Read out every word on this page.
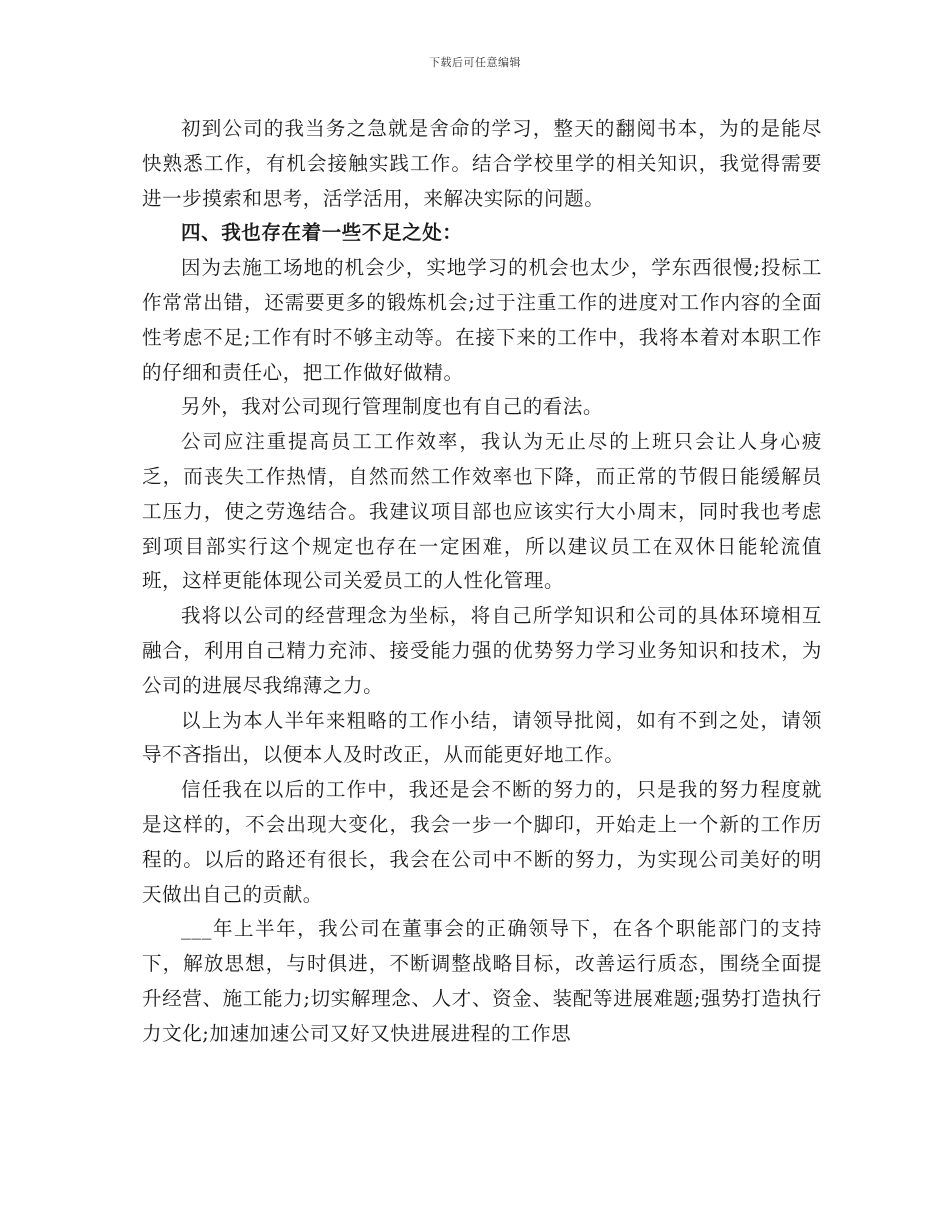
下载后可任意编辑

初到公司的我当务之急就是舍命的学习，整天的翻阅书本，为的是能尽快熟悉工作，有机会接触实践工作。结合学校里学的相关知识，我觉得需要进一步摸索和思考，活学活用，来解决实际的问题。

四、我也存在着一些不足之处：

因为去施工场地的机会少，实地学习的机会也太少，学东西很慢;投标工作常常出错，还需要更多的锻炼机会;过于注重工作的进度对工作内容的全面性考虑不足;工作有时不够主动等。在接下来的工作中，我将本着对本职工作的仔细和责任心，把工作做好做精。

另外，我对公司现行管理制度也有自己的看法。

公司应注重提高员工工作效率，我认为无止尽的上班只会让人身心疲乏，而丧失工作热情，自然而然工作效率也下降，而正常的节假日能缓解员工压力，使之劳逸结合。我建议项目部也应该实行大小周末，同时我也考虑到项目部实行这个规定也存在一定困难，所以建议员工在双休日能轮流值班，这样更能体现公司关爱员工的人性化管理。

我将以公司的经营理念为坐标，将自己所学知识和公司的具体环境相互融合，利用自己精力充沛、接受能力强的优势努力学习业务知识和技术，为公司的进展尽我绵薄之力。

以上为本人半年来粗略的工作小结，请领导批阅，如有不到之处，请领导不吝指出，以便本人及时改正，从而能更好地工作。

信任我在以后的工作中，我还是会不断的努力的，只是我的努力程度就是这样的，不会出现大变化，我会一步一个脚印，开始走上一个新的工作历程的。以后的路还有很长，我会在公司中不断的努力，为实现公司美好的明天做出自己的贡献。

___年上半年，我公司在董事会的正确领导下，在各个职能部门的支持下，解放思想，与时俱进，不断调整战略目标，改善运行质态，围绕全面提升经营、施工能力;切实解理念、人才、资金、装配等进展难题;强势打造执行力文化;加速加速公司又好又快进展进程的工作思
